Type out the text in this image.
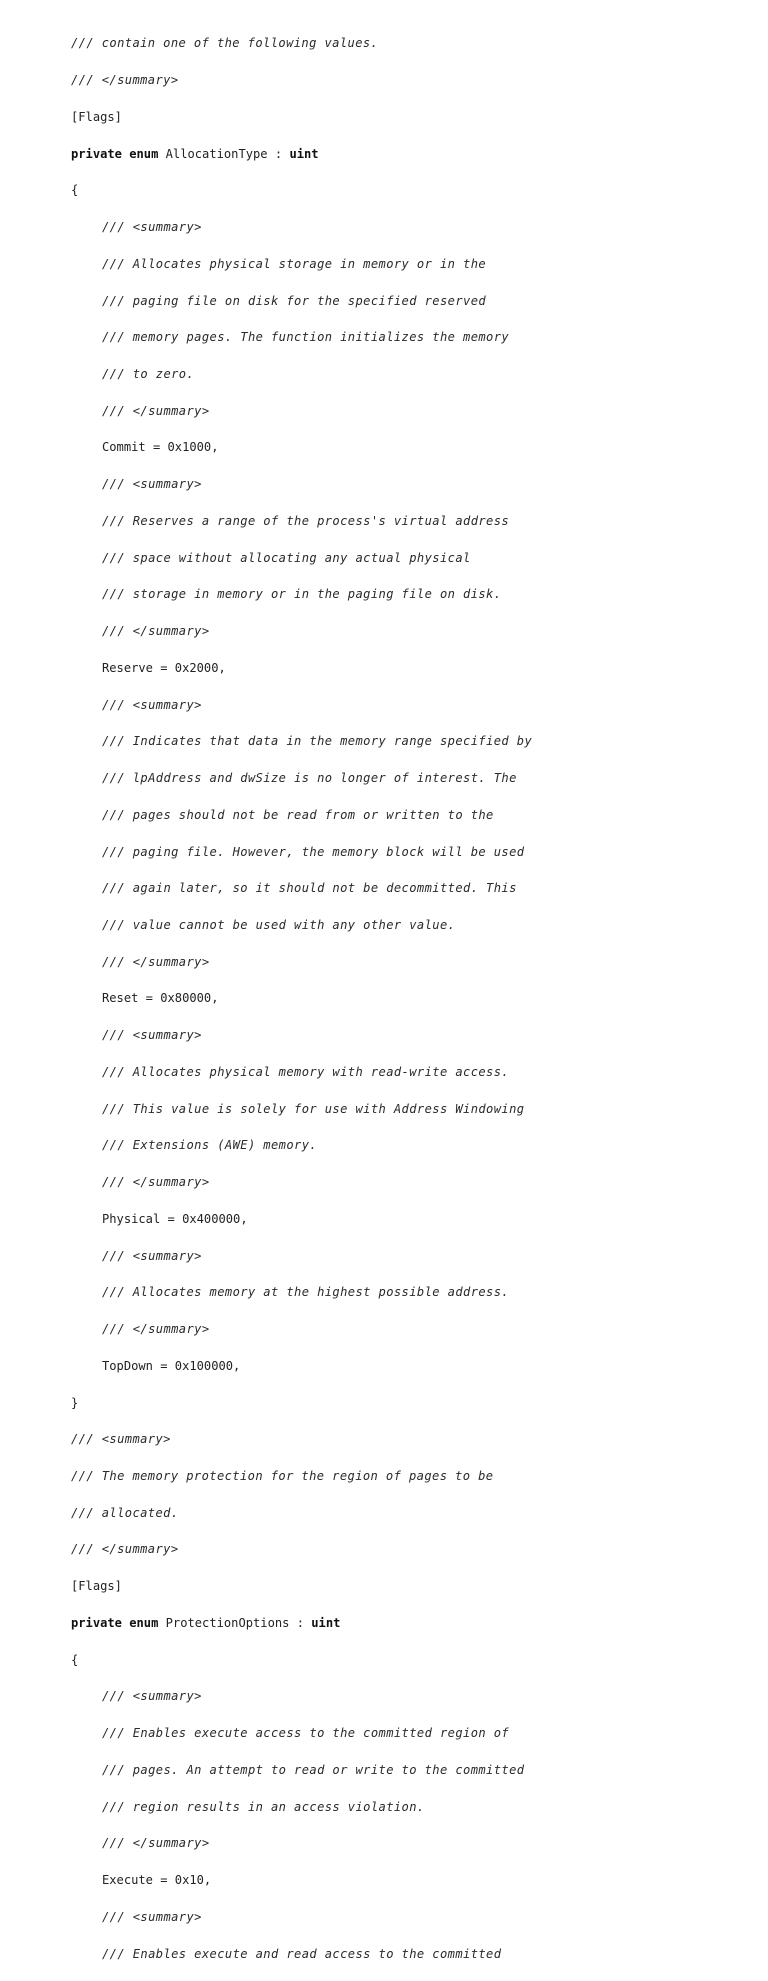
/// contain one of the following values.

/// </summary>

[Flags]

private enum AllocationType : uint

{

/// <summary>

/// Allocates physical storage in memory or in the

/// paging file on disk for the specified reserved

/// memory pages. The function initializes the memory

/// to zero.

/// </summary>

Commit = 0x1000,

/// <summary>

/// Reserves a range of the process's virtual address

/// space without allocating any actual physical

/// storage in memory or in the paging file on disk.

/// </summary>

Reserve = 0x2000,

/// <summary>

/// Indicates that data in the memory range specified by

/// lpAddress and dwSize is no longer of interest. The

/// pages should not be read from or written to the

/// paging file. However, the memory block will be used

/// again later, so it should not be decommitted. This

/// value cannot be used with any other value.

/// </summary>

Reset = 0x80000,

/// <summary>

/// Allocates physical memory with read-write access.

/// This value is solely for use with Address Windowing

/// Extensions (AWE) memory.

/// </summary>

Physical = 0x400000,

/// <summary>

/// Allocates memory at the highest possible address.

/// </summary>

TopDown = 0x100000,

}

/// <summary>

/// The memory protection for the region of pages to be

/// allocated.

/// </summary>

[Flags]

private enum ProtectionOptions : uint

{

/// <summary>

/// Enables execute access to the committed region of

/// pages. An attempt to read or write to the committed

/// region results in an access violation.

/// </summary>

Execute = 0x10,

/// <summary>

/// Enables execute and read access to the committed
